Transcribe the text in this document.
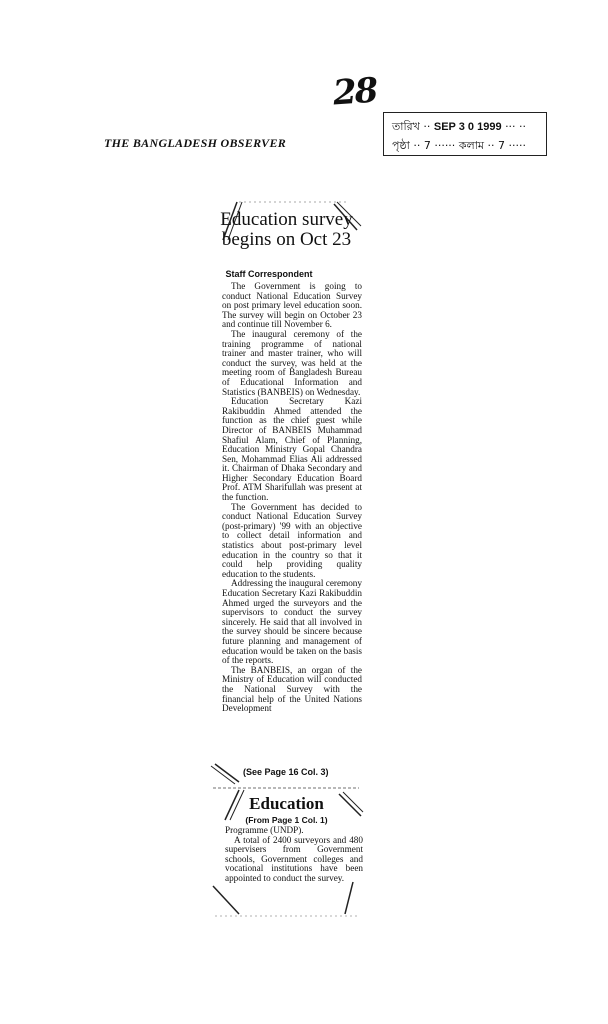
28
THE BANGLADESH OBSERVER
তারিখ ·· SEP 3 0 1999 ··· ··
পৃষ্ঠা ·· 7 ······ কলাম ·· 7 ·····
Education survey begins on Oct 23
Staff Correspondent

The Government is going to conduct National Education Survey on post primary level education soon. The survey will begin on October 23 and continue till November 6.

The inaugural ceremony of the training programme of national trainer and master trainer, who will conduct the survey, was held at the meeting room of Bangladesh Bureau of Educational Information and Statistics (BANBEIS) on Wednesday.

Education Secretary Kazi Rakibuddin Ahmed attended the function as the chief guest while Director of BANBEIS Muhammad Shafiul Alam, Chief of Planning, Education Ministry Gopal Chandra Sen, Mohammad Elias Ali addressed it. Chairman of Dhaka Secondary and Higher Secondary Education Board Prof. ATM Sharifullah was present at the function.

The Government has decided to conduct National Education Survey (post-primary) '99 with an objective to collect detail information and statistics about post-primary level education in the country so that it could help providing quality education to the students.

Addressing the inaugural ceremony Education Secretary Kazi Rakibuddin Ahmed urged the surveyors and the supervisors to conduct the survey sincerely. He said that all involved in the survey should be sincere because future planning and management of education would be taken on the basis of the reports.

The BANBEIS, an organ of the Ministry of Education will conducted the National Survey with the financial help of the United Nations Development

(See Page 16 Col. 3)
Education
(From Page 1 Col. 1)

Programme (UNDP).

A total of 2400 surveyors and 480 supervisers from Government schools, Government colleges and vocational institutions have been appointed to conduct the survey.
